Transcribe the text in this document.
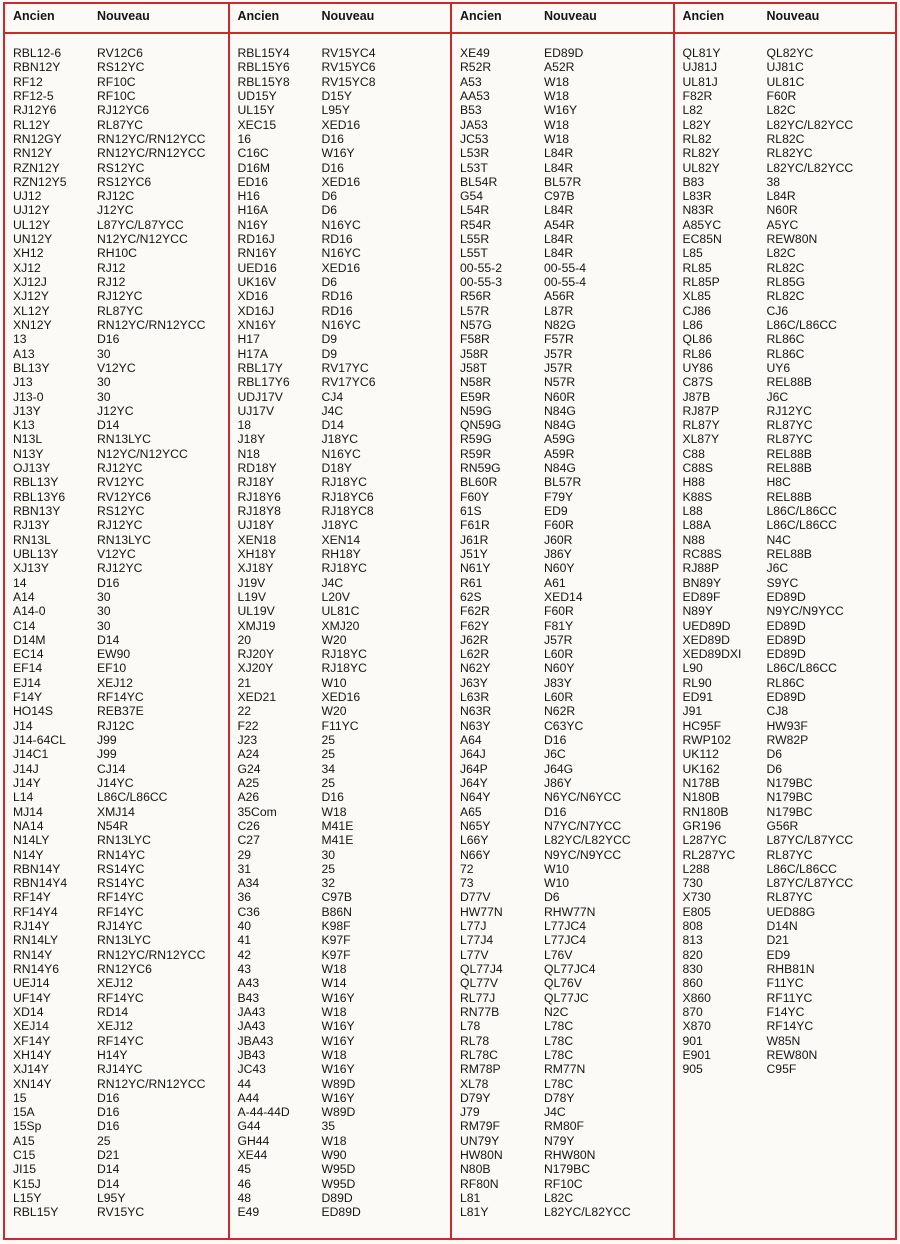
Ancien	Nouveau
RBL12-6	RV12C6
RBN12Y	RS12YC
RF12	RF10C
RF12-5	RF10C
RJ12Y6	RJ12YC6
RL12Y	RL87YC
RN12GY	RN12YC/RN12YCC
RN12Y	RN12YC/RN12YCC
RZN12Y	RS12YC
RZN12Y5 RS12YC6
UJ12	RJ12C
UJ12Y	J12YC
UL12Y	L87YC/L87YCC
UN12Y	N12YC/N12YCC
XH12	RH10C
XJ12	RJ12
XJ12J	RJ12
XJ12Y	RJ12YC
XL12Y	RL87YC
XN12Y	RN12YC/RN12YCC
13	D16
A13	30
BL13Y	V12YC
J13	30
J13-0	30
J13Y	J12YC
K13	D14
N13L	RN13LYC
N13Y	N12YC/N12YCC
OJ13Y	RJ12YC
RBL13Y	RV12YC
RBL13Y6	RV12YC6
RBN13Y	RS12YC
RJ13Y	RJ12YC
RN13L	RN13LYC
UBL13Y	V12YC
XJ13Y	RJ12YC
14	D16
A14	30
A14-0	30
C14	30
D14M	D14
EC14	EW90
EF14	EF10
EJ14	XEJ12
F14Y	RF14YC
HO14S	REB37E
J14	RJ12C
J14-64CL	J99
J14C1	J99
J14J	CJ14
J14Y	J14YC
L14	L86C/L86CC
MJ14	XMJ14
NA14	N54R
N14LY	RN13LYC
N14Y	RN14YC
RBN14Y	RS14YC
RBN14Y4 RS14YC
RF14Y	RF14YC
RF14Y4	RF14YC
RJ14Y	RJ14YC
RN14LY	RN13LYC
RN14Y	RN12YC/RN12YCC
RN14Y6	RN12YC6
UEJ14	XEJ12
UF14Y	RF14YC
XD14	RD14
XEJ14	XEJ12
XF14Y	RF14YC
XH14Y	H14Y
XJ14Y	RJ14YC
XN14Y	RN12YC/RN12YCC
15	D16
15A	D16
15Sp	D16
A15	25
C15	D21
JI15	D14
K15J	D14
L15Y	L95Y
RBL15Y	RV15YC
Ancien	Nouveau
RBL15Y4	RV15YC4
RBL15Y6	RV15YC6
RBL15Y8	RV15YC8
UD15Y	D15Y
UL15Y	L95Y
XEC15	XED16
16	D16
C16C	W16Y
D16M	D16
ED16	XED16
H16	D6
H16A	D6
N16Y	N16YC
RD16J	RD16
RN16Y	N16YC
UED16	XED16
UK16V	D6
XD16	RD16
XD16J	RD16
XN16Y	N16YC
H17	D9
H17A	D9
RBL17Y	RV17YC
RBL17Y6	RV17YC6
UDJ17V	CJ4
UJ17V	J4C
18	D14
J18Y	J18YC
N18	N16YC
RD18Y	D18Y
RJ18Y	RJ18YC
RJ18Y6	RJ18YC6
RJ18Y8	RJ18YC8
UJ18Y	J18YC
XEN18	XEN14
XH18Y	RH18Y
XJ18Y	RJ18YC
J19V	J4C
L19V	L20V
UL19V	UL81C
XMJ19	XMJ20
20	W20
RJ20Y	RJ18YC
XJ20Y	RJ18YC
21	W10
XED21	XED16
22	W20
F22	F11YC
J23	25
A24	25
G24	34
A25	25
A26	D16
35Com	W18
C26	M41E
C27	M41E
29	30
31	25
A34	32
36	C97B
C36	B86N
40	K98F
41	K97F
42	K97F
43	W18
A43	W14
B43	W16Y
JA43	W18
JA43	W16Y
JBA43	W16Y
JB43	W18
JC43	W16Y
44	W89D
A44	W16Y
A-44-44D	W89D
G44	35
GH44	W18
XE44	W90
45	W95D
46	W95D
48	D89D
E49	ED89D
Ancien	Nouveau
XE49	ED89D
R52R	A52R
A53	W18
AA53	W18
B53	W16Y
JA53	W18
JC53	W18
L53R	L84R
L53T	L84R
BL54R	BL57R
G54	C97B
L54R	L84R
R54R	A54R
L55R	L84R
L55T	L84R
00-55-2	00-55-4
00-55-3	00-55-4
R56R	A56R
L57R	L87R
N57G	N82G
F58R	F57R
J58R	J57R
J58T	J57R
N58R	N57R
E59R	N60R
N59G	N84G
QN59G	N84G
R59G	A59G
R59R	A59R
RN59G	N84G
BL60R	BL57R
F60Y	F79Y
61S	ED9
F61R	F60R
J61R	J60R
J51Y	J86Y
N61Y	N60Y
R61	A61
62S	XED14
F62R	F60R
F62Y	F81Y
J62R	J57R
L62R	L60R
N62Y	N60Y
J63Y	J83Y
L63R	L60R
N63R	N62R
N63Y	C63YC
A64	D16
J64J	J6C
J64P	J64G
J64Y	J86Y
N64Y	N6YC/N6YCC
A65	D16
N65Y	N7YC/N7YCC
L66Y	L82YC/L82YCC
N66Y	N9YC/N9YCC
72	W10
73	W10
D77V	D6
HW77N	RHW77N
L77J	L77JC4
L77J4	L77JC4
L77V	L76V
QL77J4	QL77JC4
QL77V	QL76V
RL77J	QL77JC
RN77B	N2C
L78	L78C
RL78	L78C
RL78C	L78C
RM78P	RM77N
XL78	L78C
D79Y	D78Y
J79	J4C
RM79F	RM80F
UN79Y	N79Y
HW80N	RHW80N
N80B	N179BC
RF80N	RF10C
L81	L82C
L81Y	L82YC/L82YCC
Ancien	Nouveau
QL81Y	QL82YC
UJ81J	UJ81C
UL81J	UL81C
F82R	F60R
L82	L82C
L82Y	L82YC/L82YCC
RL82	RL82C
RL82Y	RL82YC
UL82Y	L82YC/L82YCC
B83	38
L83R	L84R
N83R	N60R
A85YC	A5YC
EC85N	REW80N
L85	L82C
RL85	RL82C
RL85P	RL85G
XL85	RL82C
CJ86	CJ6
L86	L86C/L86CC
QL86	RL86C
RL86	RL86C
UY86	UY6
C87S	REL88B
J87B	J6C
RJ87P	RJ12YC
RL87Y	RL87YC
XL87Y	RL87YC
C88	REL88B
C88S	REL88B
H88	H8C
K88S	REL88B
L88	L86C/L86CC
L88A	L86C/L86CC
N88	N4C
RC88S	REL88B
RJ88P	J6C
BN89Y	S9YC
ED89F	ED89D
N89Y	N9YC/N9YCC
UED89D	ED89D
XED89D	ED89D
XED89DXI ED89D
L90	L86C/L86CC
RL90	RL86C
ED91	ED89D
J91	CJ8
HC95F	HW93F
RWP102	RW82P
UK112	D6
UK162	D6
N178B	N179BC
N180B	N179BC
RN180B	N179BC
GR196	G56R
L287YC	L87YC/L87YCC
RL287YC	RL87YC
L288	L86C/L86CC
730	L87YC/L87YCC
X730	RL87YC
E805	UED88G
808	D14N
813	D21
820	ED9
830	RHB81N
860	F11YC
X860	RF11YC
870	F14YC
X870	RF14YC
901	W85N
E901	REW80N
905	C95F
